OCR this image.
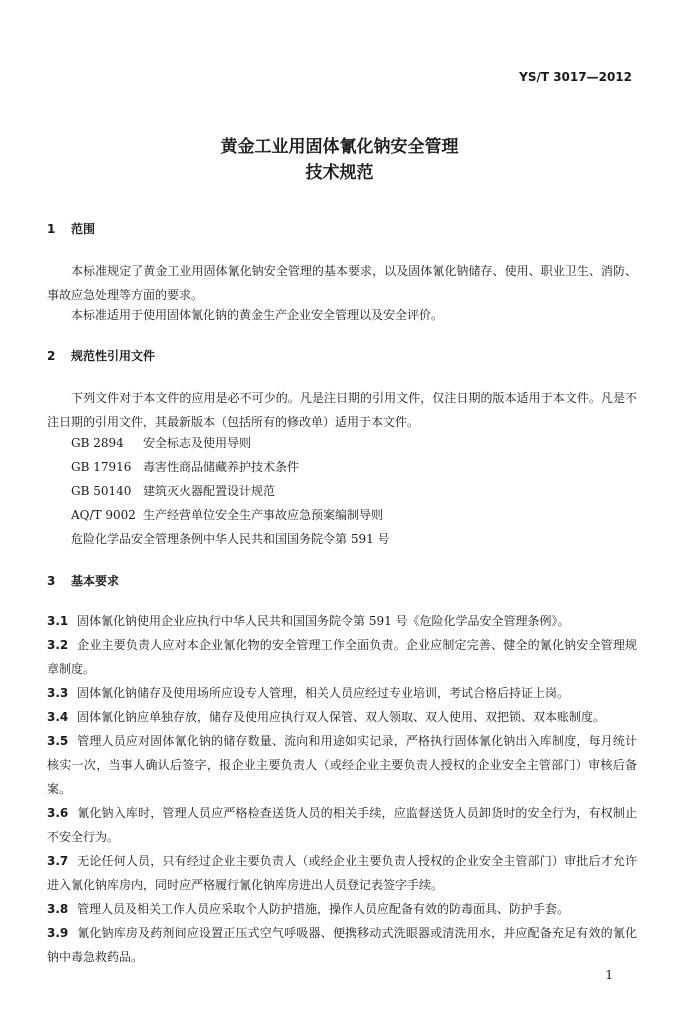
YS/T 3017—2012
黄金工业用固体氰化钠安全管理
技术规范
1 范围
本标准规定了黄金工业用固体氰化钠安全管理的基本要求，以及固体氰化钠储存、使用、职业卫生、消防、事故应急处理等方面的要求。
本标准适用于使用固体氰化钠的黄金生产企业安全管理以及安全评价。
2 规范性引用文件
下列文件对于本文件的应用是必不可少的。凡是注日期的引用文件，仅注日期的版本适用于本文件。凡是不注日期的引用文件，其最新版本（包括所有的修改单）适用于本文件。
GB 2894 安全标志及使用导则
GB 17916 毒害性商品储藏养护技术条件
GB 50140 建筑灭火器配置设计规范
AQ/T 9002 生产经营单位安全生产事故应急预案编制导则
危险化学品安全管理条例中华人民共和国国务院令第 591 号
3 基本要求
3.1 固体氰化钠使用企业应执行中华人民共和国国务院令第 591 号《危险化学品安全管理条例》。
3.2 企业主要负责人应对本企业氰化物的安全管理工作全面负责。企业应制定完善、健全的氰化钠安全管理规章制度。
3.3 固体氰化钠储存及使用场所应设专人管理，相关人员应经过专业培训，考试合格后持证上岗。
3.4 固体氰化钠应单独存放，储存及使用应执行双人保管、双人领取、双人使用、双把锁、双本账制度。
3.5 管理人员应对固体氰化钠的储存数量、流向和用途如实记录，严格执行固体氰化钠出入库制度，每月统计核实一次，当事人确认后签字，报企业主要负责人（或经企业主要负责人授权的企业安全主管部门）审核后备案。
3.6 氰化钠入库时，管理人员应严格检查送货人员的相关手续，应监督送货人员卸货时的安全行为，有权制止不安全行为。
3.7 无论任何人员，只有经过企业主要负责人（或经企业主要负责人授权的企业安全主管部门）审批后才允许进入氰化钠库房内，同时应严格履行氰化钠库房进出人员登记表签字手续。
3.8 管理人员及相关工作人员应采取个人防护措施，操作人员应配备有效的防毒面具、防护手套。
3.9 氰化钠库房及药剂间应设置正压式空气呼吸器、便携移动式洗眼器或清洗用水，并应配备充足有效的氰化钠中毒急救药品。
1
